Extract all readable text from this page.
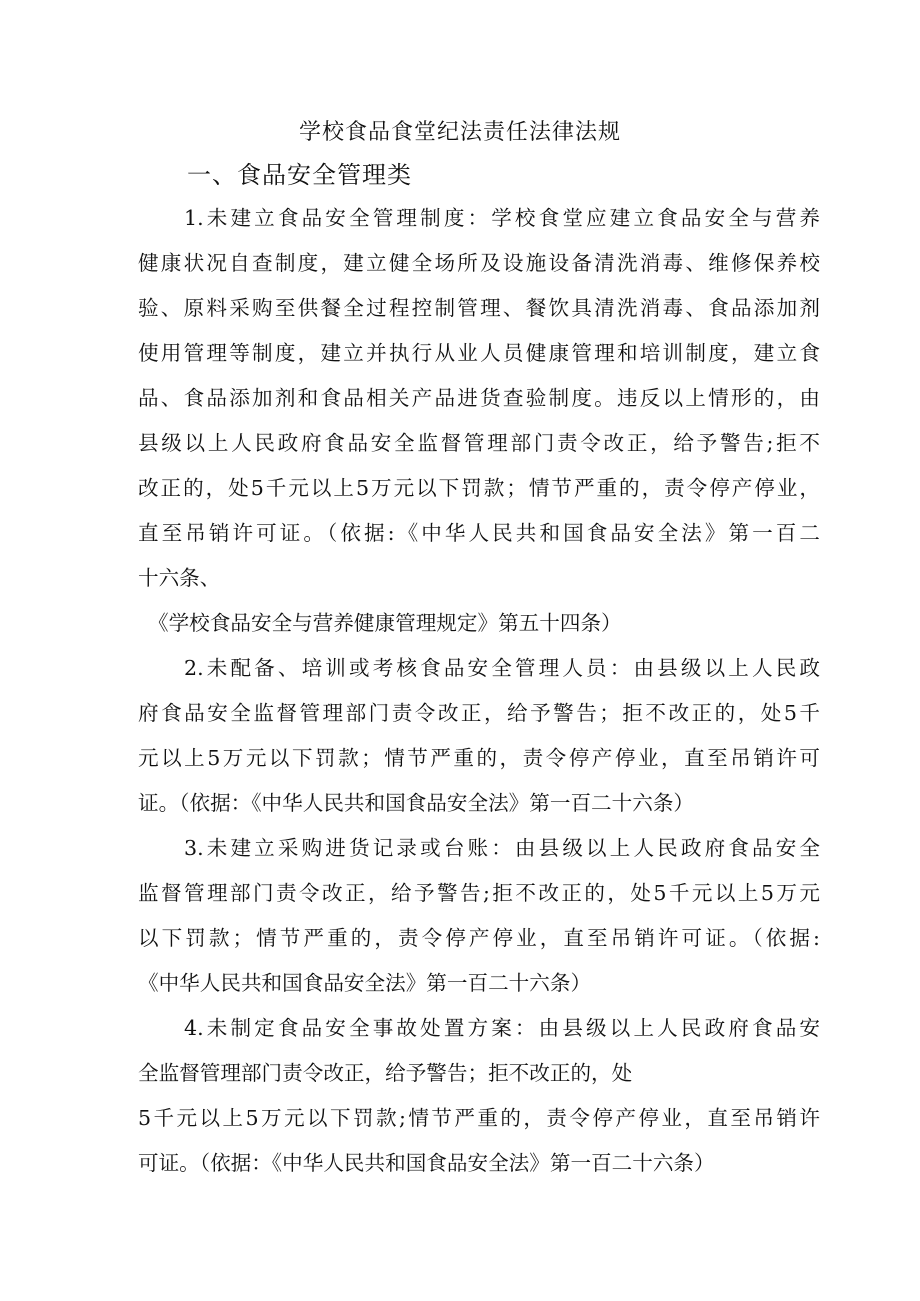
学校食品食堂纪法责任法律法规
一、食品安全管理类
1.未建立食品安全管理制度：学校食堂应建立食品安全与营养
健康状况自查制度，建立健全场所及设施设备清洗消毒、维修保养校
验、原料采购至供餐全过程控制管理、餐饮具清洗消毒、食品添加剂
使用管理等制度，建立并执行从业人员健康管理和培训制度，建立食
品、食品添加剂和食品相关产品进货查验制度。违反以上情形的，由
县级以上人民政府食品安全监督管理部门责令改正，给予警告;拒不
改正的，处5千元以上5万元以下罚款；情节严重的，责令停产停业，
直至吊销许可证。（依据:《中华人民共和国食品安全法》第一百二
十六条、
《学校食品安全与营养健康管理规定》第五十四条）
2.未配备、培训或考核食品安全管理人员：由县级以上人民政
府食品安全监督管理部门责令改正，给予警告；拒不改正的，处5千
元以上5万元以下罚款；情节严重的，责令停产停业，直至吊销许可
证。（依据：《中华人民共和国食品安全法》第一百二十六条）
3.未建立采购进货记录或台账：由县级以上人民政府食品安全
监督管理部门责令改正，给予警告;拒不改正的，处5千元以上5万元
以下罚款；情节严重的，责令停产停业，直至吊销许可证。（依据:
《中华人民共和国食品安全法》第一百二十六条）
4.未制定食品安全事故处置方案：由县级以上人民政府食品安
全监督管理部门责令改正，给予警告；拒不改正的，处
5千元以上5万元以下罚款;情节严重的，责令停产停业，直至吊销许
可证。（依据：《中华人民共和国食品安全法》第一百二十六条）
